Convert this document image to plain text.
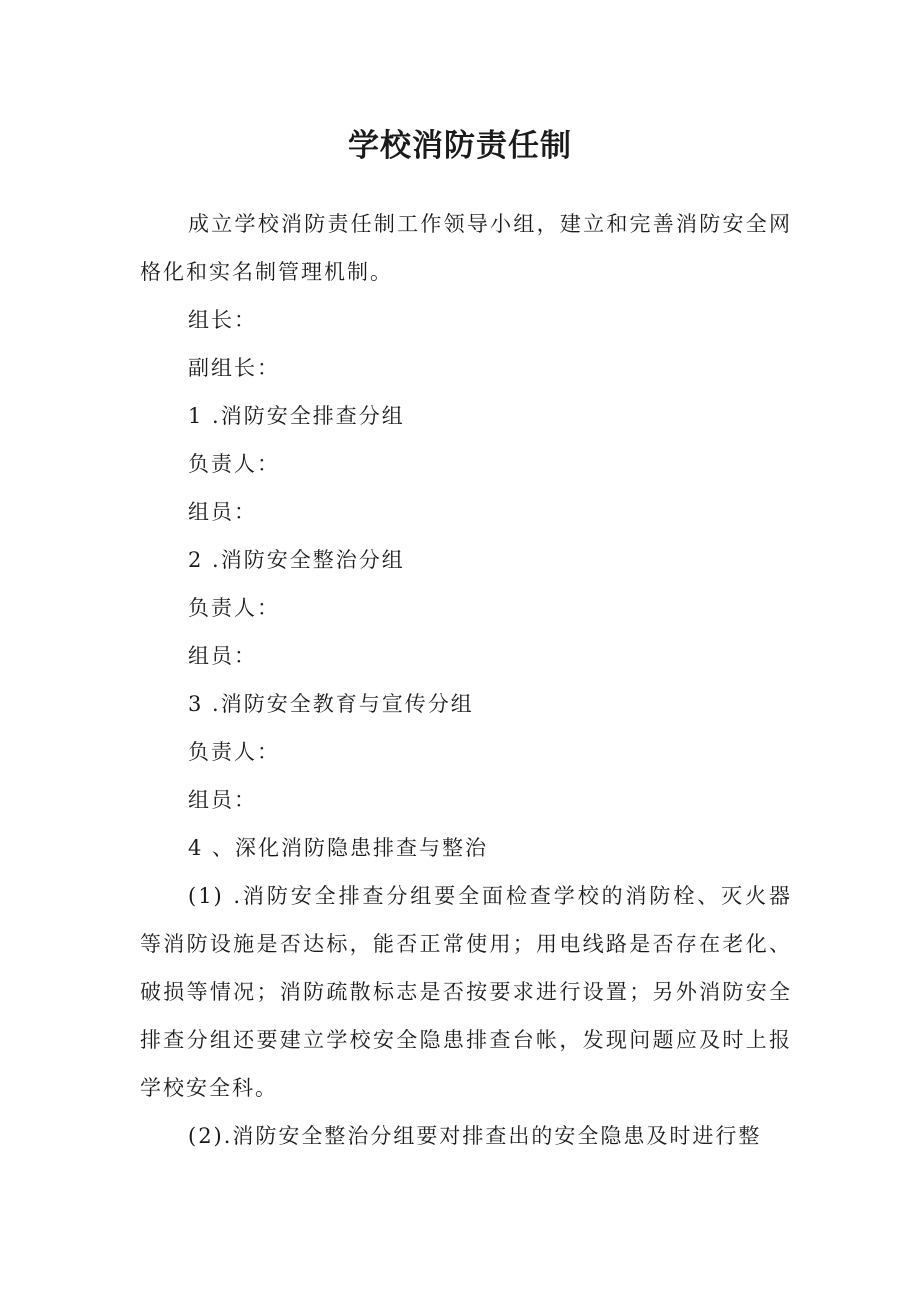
学校消防责任制

成立学校消防责任制工作领导小组，建立和完善消防安全网格化和实名制管理机制。

组长：

副组长：

1 .消防安全排查分组

负责人：

组员：

2 .消防安全整治分组

负责人：

组员：

3 .消防安全教育与宣传分组

负责人：

组员：

4 、深化消防隐患排查与整治

(1) .消防安全排查分组要全面检查学校的消防栓、灭火器等消防设施是否达标，能否正常使用；用电线路是否存在老化、破损等情况；消防疏散标志是否按要求进行设置；另外消防安全排查分组还要建立学校安全隐患排查台帐，发现问题应及时上报学校安全科。

(2).消防安全整治分组要对排查出的安全隐患及时进行整
